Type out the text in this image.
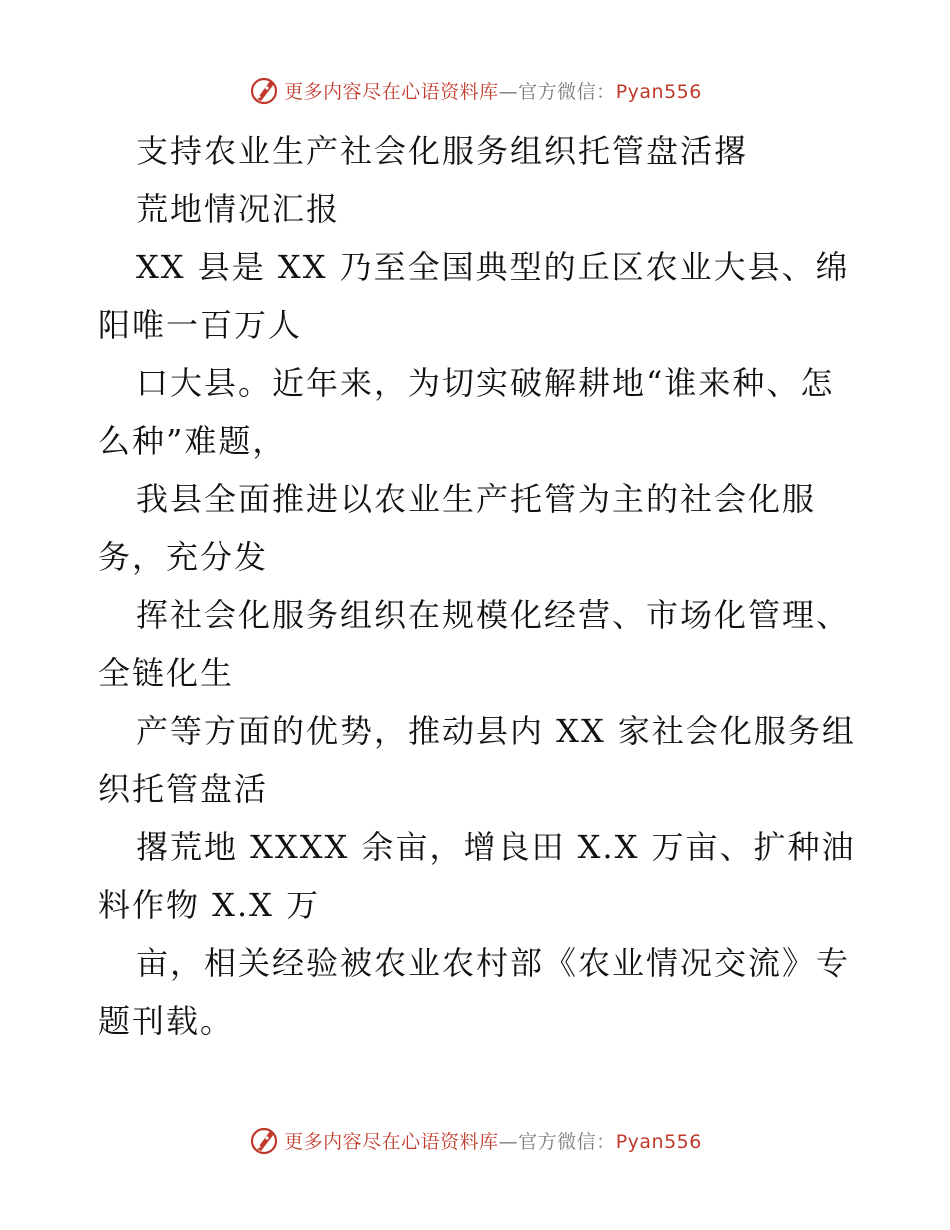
更多内容尽在心语资料库—官方微信：Pyan556
支持农业生产社会化服务组织托管盘活撂
荒地情况汇报
XX 县是 XX 乃至全国典型的丘区农业大县、绵
阳唯一百万人
口大县。近年来，为切实破解耕地“谁来种、怎
么种”难题，
我县全面推进以农业生产托管为主的社会化服
务，充分发
挥社会化服务组织在规模化经营、市场化管理、
全链化生
产等方面的优势，推动县内 XX 家社会化服务组
织托管盘活
撂荒地 XXXX 余亩，增良田 X.X 万亩、扩种油
料作物 X.X 万
亩，相关经验被农业农村部《农业情况交流》专
题刊载。
更多内容尽在心语资料库—官方微信：Pyan556
